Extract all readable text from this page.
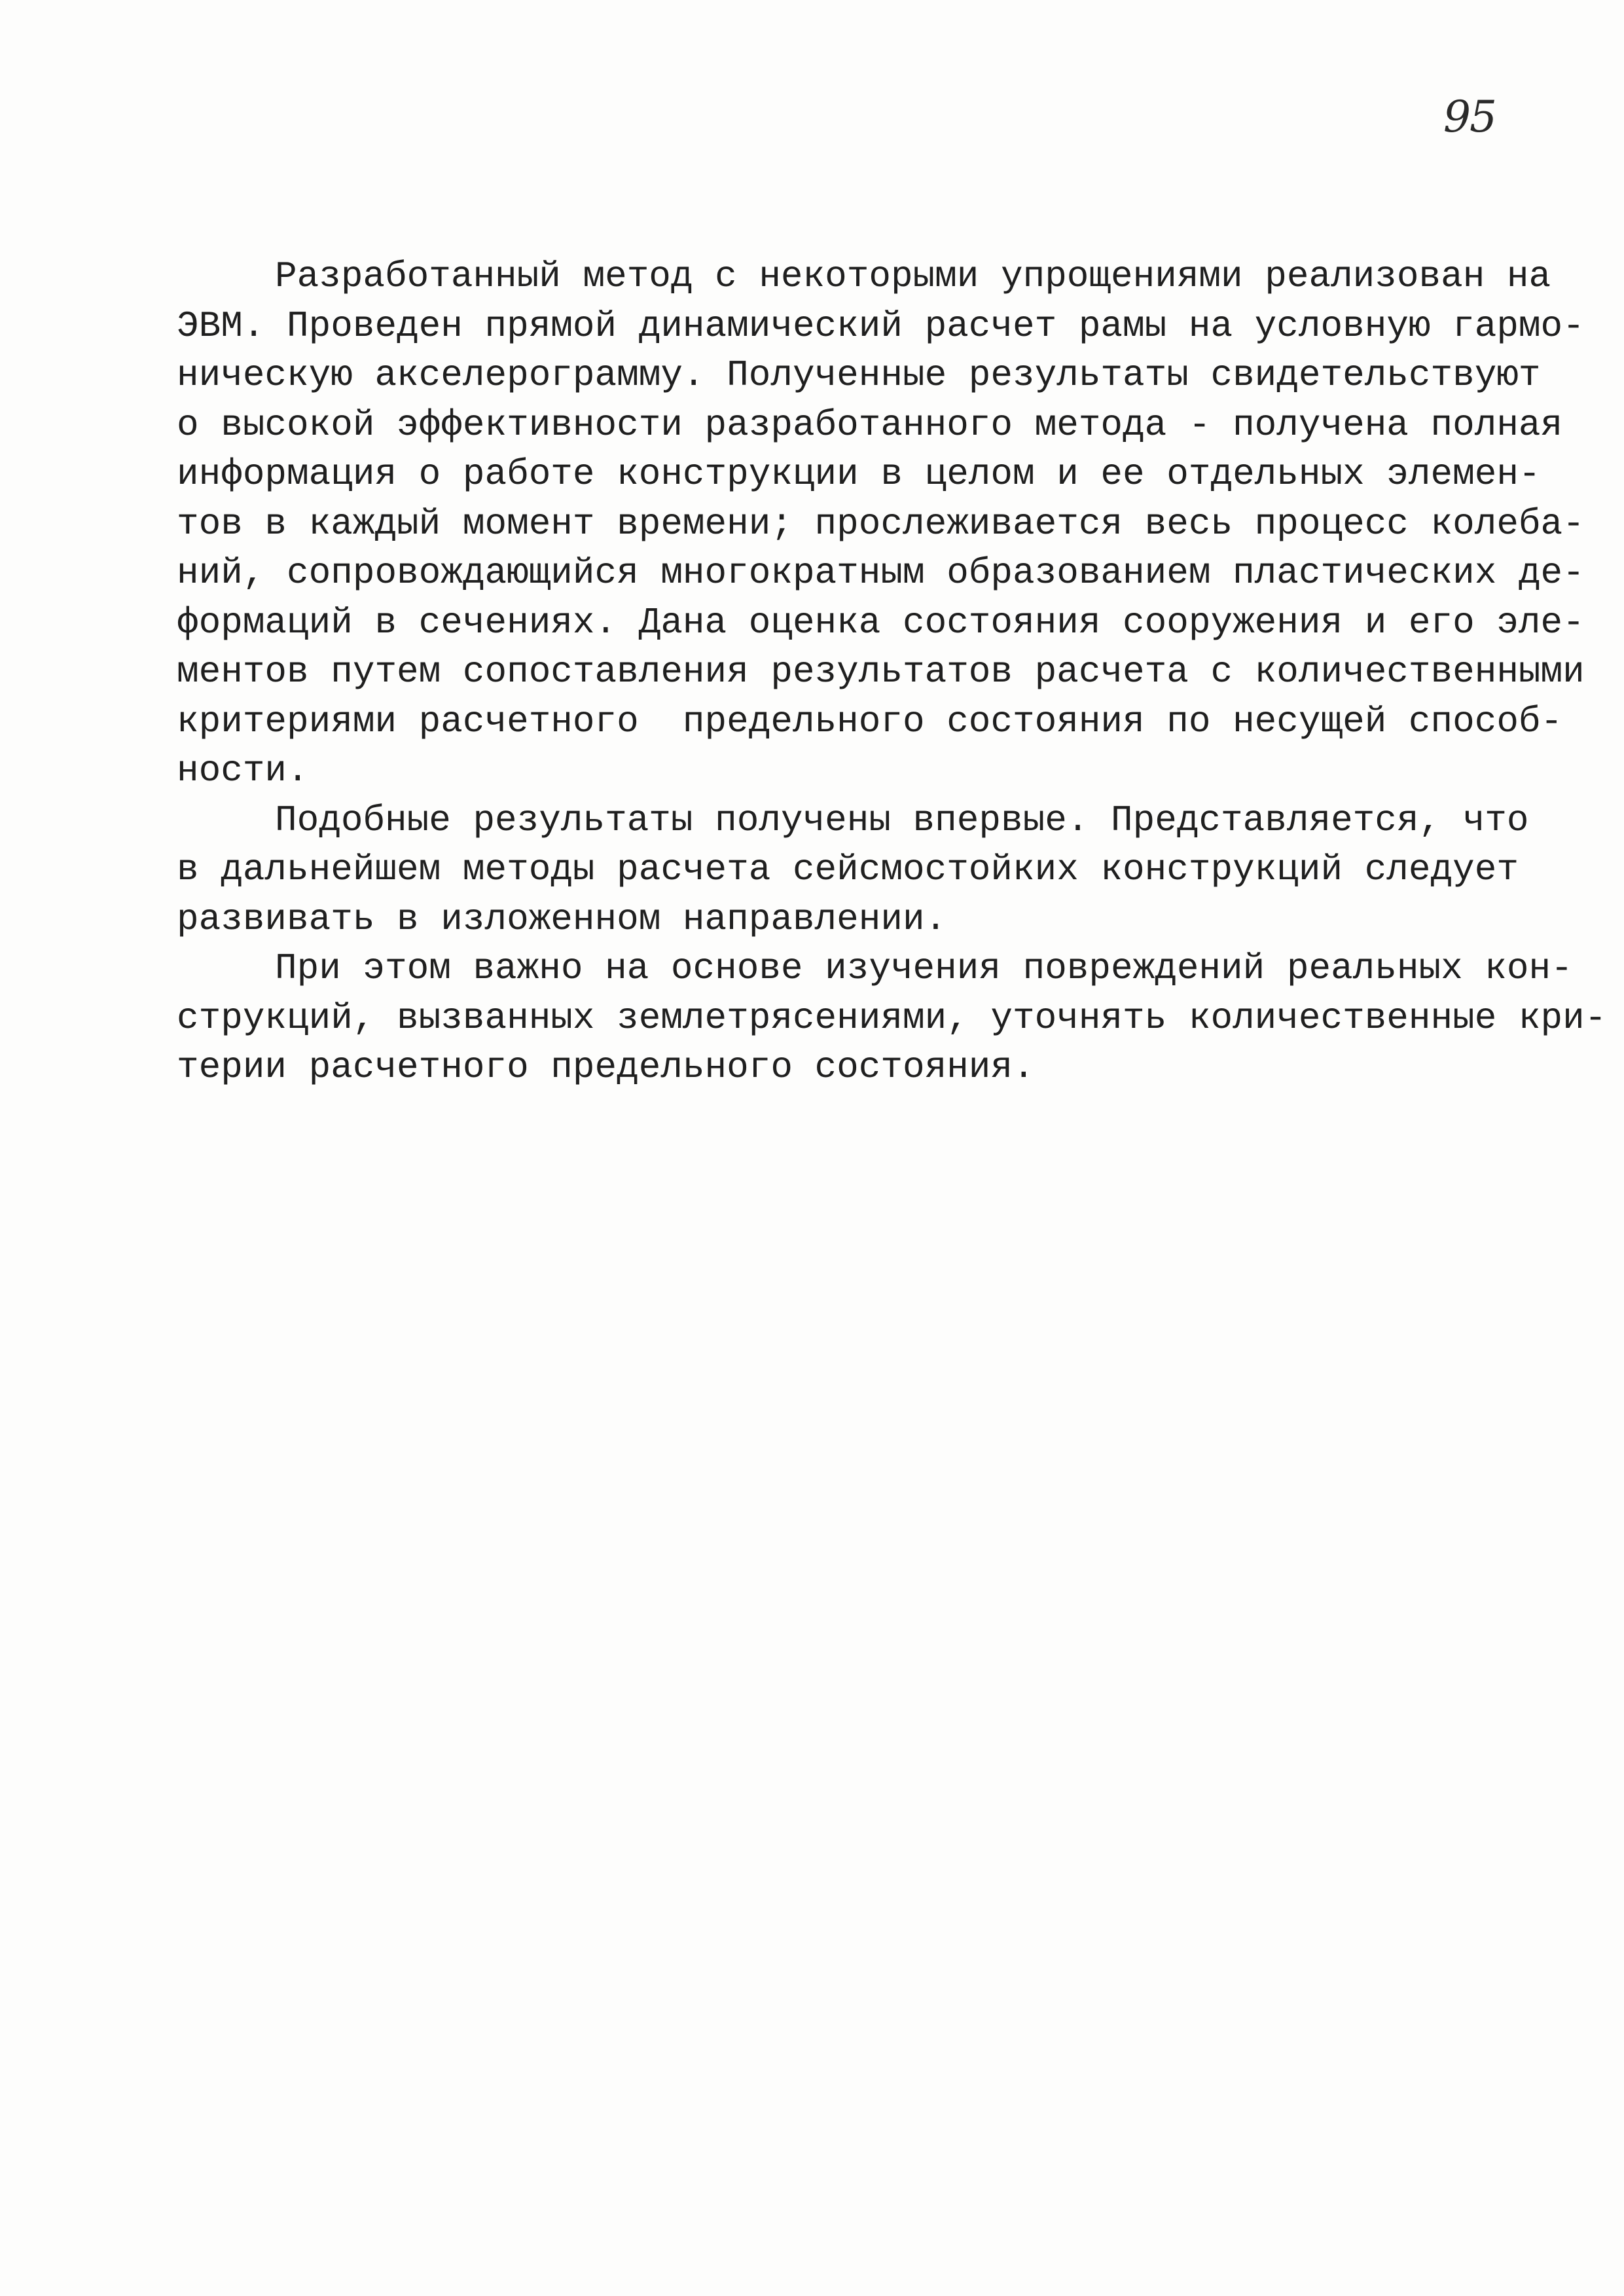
95
Разработанный метод с некоторыми упрощениями реализован на
ЭВМ. Проведен прямой динамический расчет рамы на условную гармо-
ническую акселерограмму. Полученные результаты свидетельствуют
о высокой эффективности разработанного метода - получена полная
информация о работе конструкции в целом и ее отдельных элемен-
тов в каждый момент времени; прослеживается весь процесс колеба-
ний, сопровождающийся многократным образованием пластических де-
формаций в сечениях. Дана оценка состояния сооружения и его эле-
ментов путем сопоставления результатов расчета с количественными
критериями расчетного  предельного состояния по несущей способ-
ности.
Подобные результаты получены впервые. Представляется, что
в дальнейшем методы расчета сейсмостойких конструкций следует
развивать в изложенном направлении.
При этом важно на основе изучения повреждений реальных кон-
струкций, вызванных землетрясениями, уточнять количественные кри-
терии расчетного предельного состояния.
